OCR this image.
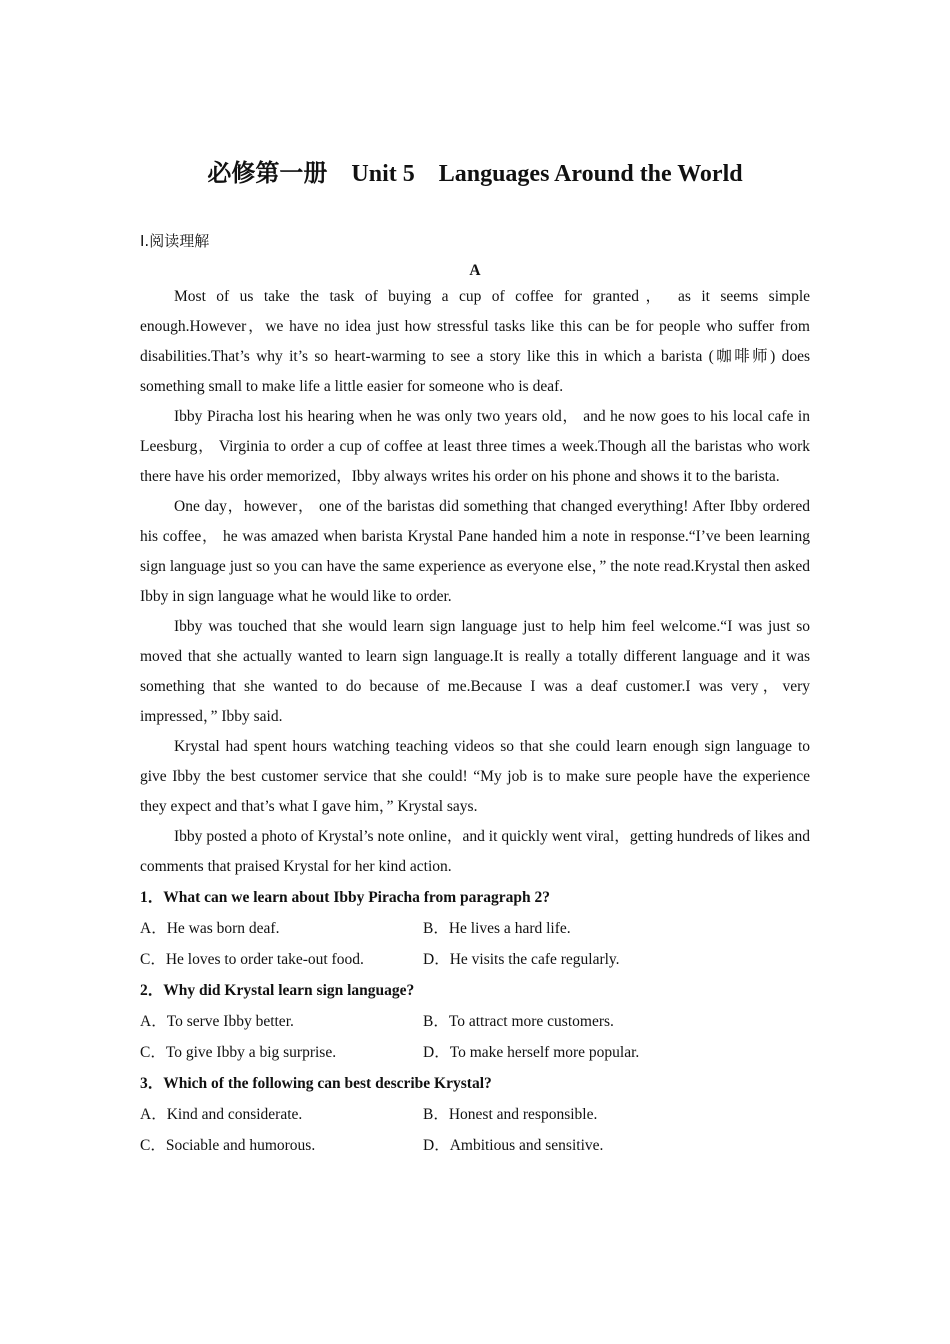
必修第一册　Unit 5　Languages Around the World
Ⅰ.阅读理解
A

Most of us take the task of buying a cup of coffee for granted， as it seems simple enough.However，we have no idea just how stressful tasks like this can be for people who suffer from disabilities.That’s why it’s so heart-warming to see a story like this in which a barista (咖啡师) does something small to make life a little easier for someone who is deaf.

Ibby Piracha lost his hearing when he was only two years old， and he now goes to his local cafe in Leesburg， Virginia to order a cup of coffee at least three times a week.Though all the baristas who work there have his order memorized，Ibby always writes his order on his phone and shows it to the barista.

One day，however， one of the baristas did something that changed everything! After Ibby ordered his coffee， he was amazed when barista Krystal Pane handed him a note in response.“I’ve been learning sign language just so you can have the same experience as everyone else，” the note read.Krystal then asked Ibby in sign language what he would like to order.

Ibby was touched that she would learn sign language just to help him feel welcome.“I was just so moved that she actually wanted to learn sign language.It is really a totally different language and it was something that she wanted to do because of me.Because I was a deaf customer.I was very，very impressed，” Ibby said.

Krystal had spent hours watching teaching videos so that she could learn enough sign language to give Ibby the best customer service that she could! “My job is to make sure people have the experience they expect and that’s what I gave him，” Krystal says.

Ibby posted a photo of Krystal’s note online，and it quickly went viral，getting hundreds of likes and comments that praised Krystal for her kind action.

1．What can we learn about Ibby Piracha from paragraph 2?
A．He was born deaf.	B．He lives a hard life.
C．He loves to order take-out food.	D．He visits the cafe regularly.
2．Why did Krystal learn sign language?
A．To serve Ibby better.	B．To attract more customers.
C．To give Ibby a big surprise.	D．To make herself more popular.
3．Which of the following can best describe Krystal?
A．Kind and considerate.	B．Honest and responsible.
C．Sociable and humorous.	D．Ambitious and sensitive.
